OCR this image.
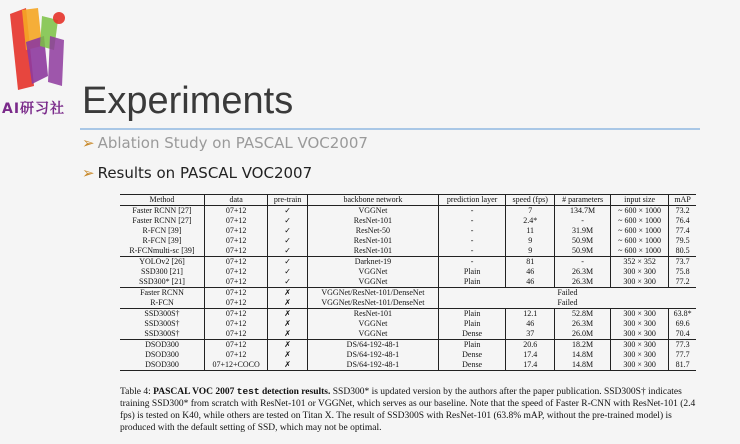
AI研习社 Experiments
➢ Ablation Study on PASCAL VOC2007
➢ Results on PASCAL VOC2007
Method	data	pre-train	backbone network	prediction layer	speed (fps)	# parameters	input size	mAP
Faster RCNN [27]	07+12	✓	VGGNet	-	7	134.7M	~ 600 × 1000	73.2
Faster RCNN [27]	07+12	✓	ResNet-101	-	2.4*	-	~ 600 × 1000	76.4
R-FCN [39]	07+12	✓	ResNet-50	-	11	31.9M	~ 600 × 1000	77.4
R-FCN [39]	07+12	✓	ResNet-101	-	9	50.9M	~ 600 × 1000	79.5
R-FCNmulti-sc [39]	07+12	✓	ResNet-101	-	9	50.9M	~ 600 × 1000	80.5
YOLOv2 [26]	07+12	✓	Darknet-19	-	81	-	352 × 352	73.7
SSD300 [21]	07+12	✓	VGGNet	Plain	46	26.3M	300 × 300	75.8
SSD300* [21]	07+12	✓	VGGNet	Plain	46	26.3M	300 × 300	77.2
Faster RCNN	07+12	✗	VGGNet/ResNet-101/DenseNet	Failed				
R-FCN	07+12	✗	VGGNet/ResNet-101/DenseNet	Failed				
SSD300S†	07+12	✗	ResNet-101	Plain	12.1	52.8M	300 × 300	63.8*
SSD300S†	07+12	✗	VGGNet	Plain	46	26.3M	300 × 300	69.6
SSD300S†	07+12	✗	VGGNet	Dense	37	26.0M	300 × 300	70.4
DSOD300	07+12	✗	DS/64-192-48-1	Plain	20.6	18.2M	300 × 300	77.3
DSOD300	07+12	✗	DS/64-192-48-1	Dense	17.4	14.8M	300 × 300	77.7
DSOD300	07+12+COCO	✗	DS/64-192-48-1	Dense	17.4	14.8M	300 × 300	81.7
Table 4: PASCAL VOC 2007 test detection results. SSD300* is updated version by the authors after the paper publication. SSD300S† indicates training SSD300* from scratch with ResNet-101 or VGGNet, which serves as our baseline. Note that the speed of Faster R-CNN with ResNet-101 (2.4 fps) is tested on K40, while others are tested on Titan X. The result of SSD300S with ResNet-101 (63.8% mAP, without the pre-trained model) is produced with the default setting of SSD, which may not be optimal.
